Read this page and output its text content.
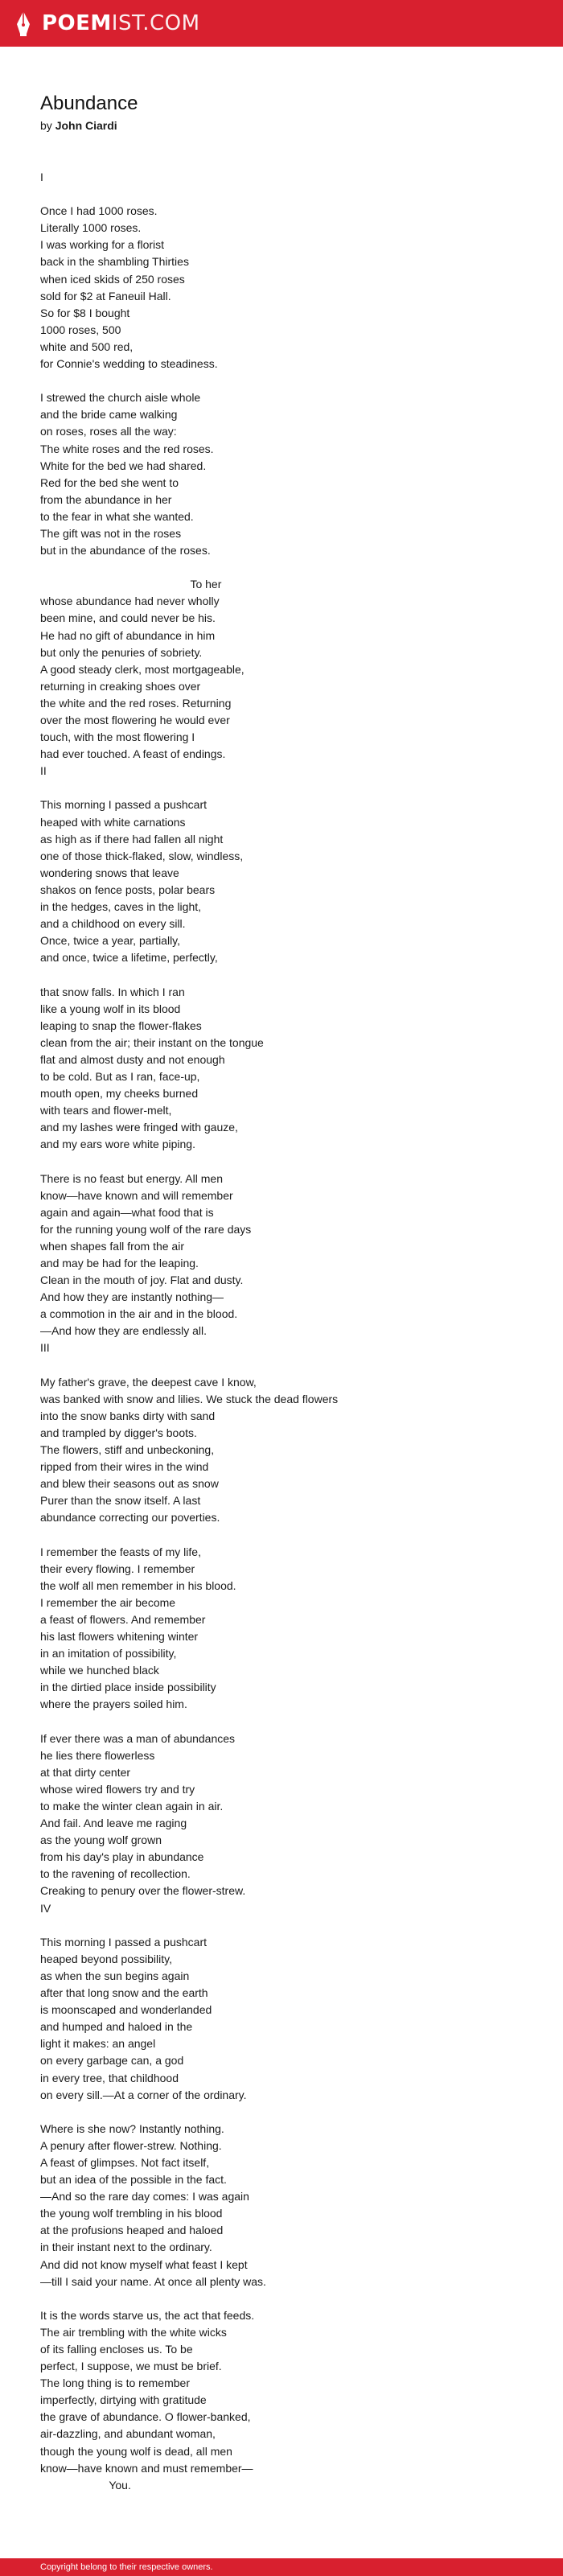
POEMIST.COM
Abundance
by John Ciardi
I
Once I had 1000 roses.
Literally 1000 roses.
I was working for a florist
back in the shambling Thirties
when iced skids of 250 roses
sold for $2 at Faneuil Hall.
So for $8 I bought
1000 roses, 500
white and 500 red,
for Connie's wedding to steadiness.
I strewed the church aisle whole
and the bride came walking
on roses, roses all the way:
The white roses and the red roses.
White for the bed we had shared.
Red for the bed she went to
from the abundance in her
to the fear in what she wanted.
The gift was not in the roses
but in the abundance of the roses.
To her
whose abundance had never wholly
been mine, and could never be his.
He had no gift of abundance in him
but only the penuries of sobriety.
A good steady clerk, most mortgageable,
returning in creaking shoes over
the white and the red roses. Returning
over the most flowering he would ever
touch, with the most flowering I
had ever touched. A feast of endings.
II
This morning I passed a pushcart
heaped with white carnations
as high as if there had fallen all night
one of those thick-flaked, slow, windless,
wondering snows that leave
shakos on fence posts, polar bears
in the hedges, caves in the light,
and a childhood on every sill.
Once, twice a year, partially,
and once, twice a lifetime, perfectly,
that snow falls. In which I ran
like a young wolf in its blood
leaping to snap the flower-flakes
clean from the air; their instant on the tongue
flat and almost dusty and not enough
to be cold. But as I ran, face-up,
mouth open, my cheeks burned
with tears and flower-melt,
and my lashes were fringed with gauze,
and my ears wore white piping.
There is no feast but energy. All men
know—have known and will remember
again and again—what food that is
for the running young wolf of the rare days
when shapes fall from the air
and may be had for the leaping.
Clean in the mouth of joy. Flat and dusty.
And how they are instantly nothing—
a commotion in the air and in the blood.
—And how they are endlessly all.
III
My father's grave, the deepest cave I know,
was banked with snow and lilies. We stuck the dead flowers
into the snow banks dirty with sand
and trampled by digger's boots.
The flowers, stiff and unbeckoning,
ripped from their wires in the wind
and blew their seasons out as snow
Purer than the snow itself. A last
abundance correcting our poverties.
I remember the feasts of my life,
their every flowing. I remember
the wolf all men remember in his blood.
I remember the air become
a feast of flowers. And remember
his last flowers whitening winter
in an imitation of possibility,
while we hunched black
in the dirtied place inside possibility
where the prayers soiled him.
If ever there was a man of abundances
he lies there flowerless
at that dirty center
whose wired flowers try and try
to make the winter clean again in air.
And fail. And leave me raging
as the young wolf grown
from his day's play in abundance
to the ravening of recollection.
Creaking to penury over the flower-strew.
IV
This morning I passed a pushcart
heaped beyond possibility,
as when the sun begins again
after that long snow and the earth
is moonscaped and wonderlanded
and humped and haloed in the
light it makes: an angel
on every garbage can, a god
in every tree, that childhood
on every sill.—At a corner of the ordinary.
Where is she now? Instantly nothing.
A penury after flower-strew. Nothing.
A feast of glimpses. Not fact itself,
but an idea of the possible in the fact.
—And so the rare day comes: I was again
the young wolf trembling in his blood
at the profusions heaped and haloed
in their instant next to the ordinary.
And did not know myself what feast I kept
—till I said your name. At once all plenty was.
It is the words starve us, the act that feeds.
The air trembling with the white wicks
of its falling encloses us. To be
perfect, I suppose, we must be brief.
The long thing is to remember
imperfectly, dirtying with gratitude
the grave of abundance. O flower-banked,
air-dazzling, and abundant woman,
though the young wolf is dead, all men
know—have known and must remember—
You.
Copyright belong to their respective owners.
